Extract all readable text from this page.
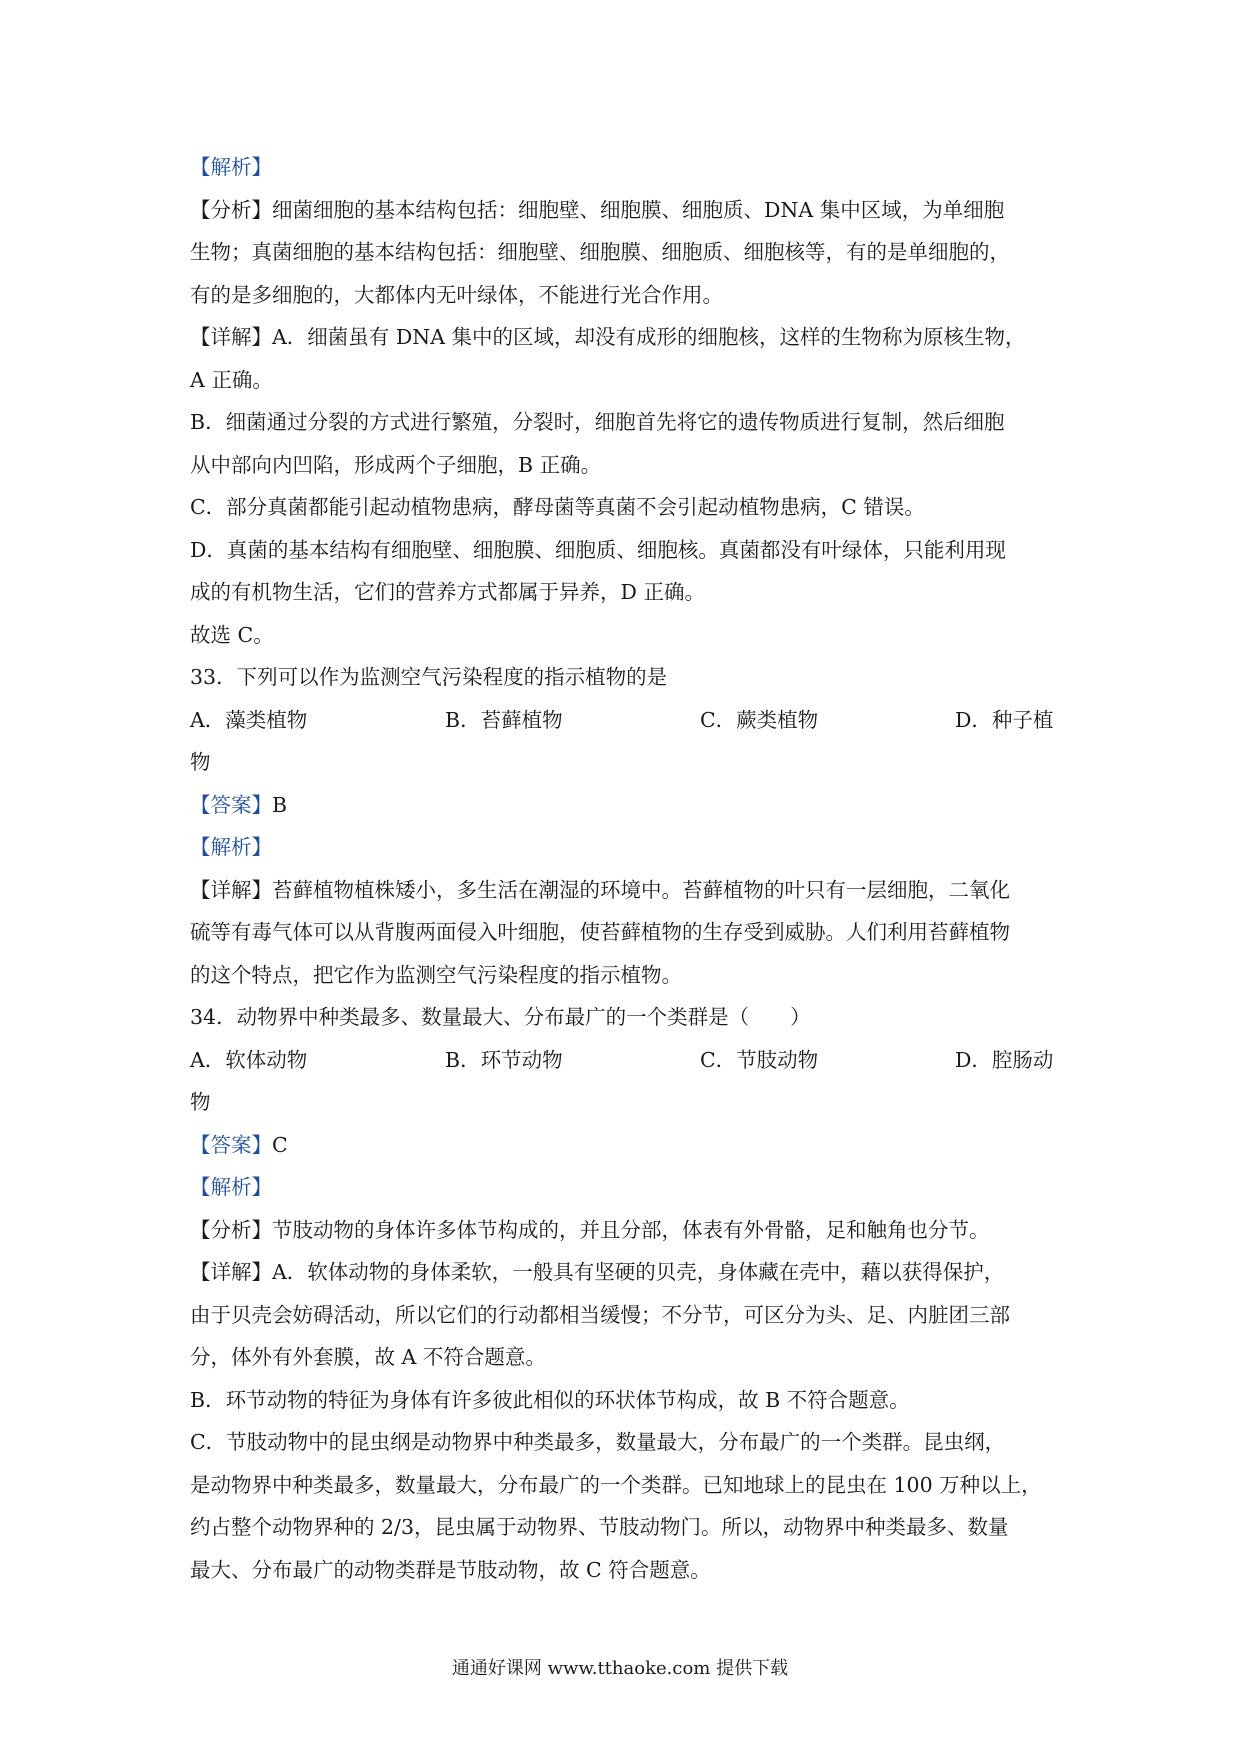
【解析】
【分析】细菌细胞的基本结构包括：细胞壁、细胞膜、细胞质、DNA 集中区域，为单细胞
生物；真菌细胞的基本结构包括：细胞壁、细胞膜、细胞质、细胞核等，有的是单细胞的，
有的是多细胞的，大都体内无叶绿体，不能进行光合作用。
【详解】A．细菌虽有 DNA 集中的区域，却没有成形的细胞核，这样的生物称为原核生物，
A 正确。
B．细菌通过分裂的方式进行繁殖，分裂时，细胞首先将它的遗传物质进行复制，然后细胞
从中部向内凹陷，形成两个子细胞，B 正确。
C．部分真菌都能引起动植物患病，酵母菌等真菌不会引起动植物患病，C 错误。
D．真菌的基本结构有细胞壁、细胞膜、细胞质、细胞核。真菌都没有叶绿体，只能利用现
成的有机物生活，它们的营养方式都属于异养，D 正确。
故选 C。
33．下列可以作为监测空气污染程度的指示植物的是
A．藻类植物	B．苔藓植物	C．蕨类植物	D．种子植
物
【答案】B
【解析】
【详解】苔藓植物植株矮小，多生活在潮湿的环境中。苔藓植物的叶只有一层细胞，二氧化
硫等有毒气体可以从背腹两面侵入叶细胞，使苔藓植物的生存受到威胁。人们利用苔藓植物
的这个特点，把它作为监测空气污染程度的指示植物。
34．动物界中种类最多、数量最大、分布最广的一个类群是（　　）
A．软体动物	B．环节动物	C．节肢动物	D．腔肠动
物
【答案】C
【解析】
【分析】节肢动物的身体许多体节构成的，并且分部，体表有外骨骼，足和触角也分节。
【详解】A．软体动物的身体柔软，一般具有坚硬的贝壳，身体藏在壳中，藉以获得保护，
由于贝壳会妨碍活动，所以它们的行动都相当缓慢；不分节，可区分为头、足、内脏团三部
分，体外有外套膜，故 A 不符合题意。
B．环节动物的特征为身体有许多彼此相似的环状体节构成，故 B 不符合题意。
C．节肢动物中的昆虫纲是动物界中种类最多，数量最大，分布最广的一个类群。昆虫纲，
是动物界中种类最多，数量最大，分布最广的一个类群。已知地球上的昆虫在 100 万种以上，
约占整个动物界种的 2/3，昆虫属于动物界、节肢动物门。所以，动物界中种类最多、数量
最大、分布最广的动物类群是节肢动物，故 C 符合题意。
通通好课网 www.tthaoke.com 提供下载
